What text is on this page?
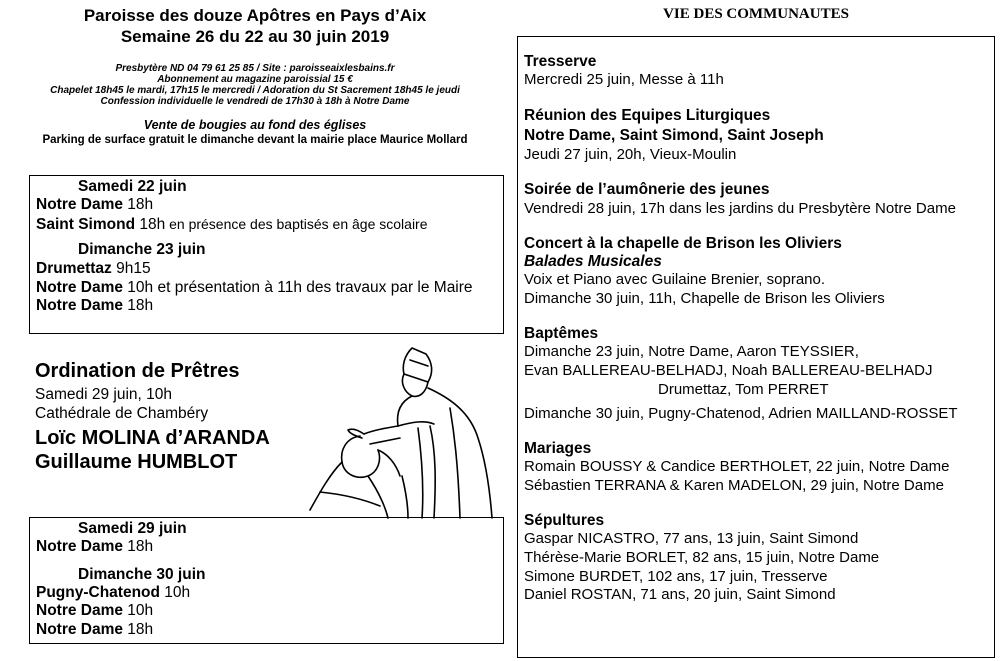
Paroisse des douze Apôtres en Pays d’Aix
Semaine 26 du 22 au 30 juin 2019
Presbytère ND 04 79 61 25 85 / Site : paroisseaixlesbains.fr
Abonnement au magazine paroissial 15 €
Chapelet 18h45 le mardi, 17h15 le mercredi / Adoration du St Sacrement 18h45 le jeudi
Confession individuelle le vendredi de 17h30 à 18h à Notre Dame
Vente de bougies au fond des églises
Parking de surface gratuit le dimanche devant la mairie place Maurice Mollard
Samedi 22 juin
Notre Dame 18h
Saint Simond 18h en présence des baptisés en âge scolaire
Dimanche 23 juin
Drumettaz 9h15
Notre Dame 10h et présentation à 11h des travaux par le Maire
Notre Dame 18h
Ordination de Prêtres
Samedi 29 juin, 10h
Cathédrale de Chambéry
Loïc MOLINA d’ARANDA
Guillaume HUMBLOT
Samedi 29 juin
Notre Dame 18h
Dimanche 30 juin
Pugny-Chatenod 10h
Notre Dame 10h
Notre Dame 18h
VIE DES COMMUNAUTES
Tresserve
Mercredi 25 juin, Messe à 11h
Réunion des Equipes Liturgiques
Notre Dame, Saint Simond, Saint Joseph
Jeudi 27 juin, 20h, Vieux-Moulin
Soirée de l’aumônerie des jeunes
Vendredi 28 juin, 17h dans les jardins du Presbytère Notre Dame
Concert à la chapelle de Brison les Oliviers
Balades Musicales
Voix et Piano avec Guilaine Brenier, soprano.
Dimanche 30 juin, 11h, Chapelle de Brison les Oliviers
Baptêmes
Dimanche 23 juin, Notre Dame, Aaron TEYSSIER,
Evan BALLEREAU-BELHADJ, Noah BALLEREAU-BELHADJ
Drumettaz, Tom PERRET
Dimanche 30 juin, Pugny-Chatenod, Adrien MAILLAND-ROSSET
Mariages
Romain BOUSSY & Candice BERTHOLET, 22 juin, Notre Dame
Sébastien TERRANA & Karen MADELON, 29 juin, Notre Dame
Sépultures
Gaspar NICASTRO, 77 ans, 13 juin, Saint Simond
Thérèse-Marie BORLET, 82 ans, 15 juin, Notre Dame
Simone BURDET, 102 ans, 17 juin, Tresserve
Daniel ROSTAN, 71 ans, 20 juin, Saint Simond
